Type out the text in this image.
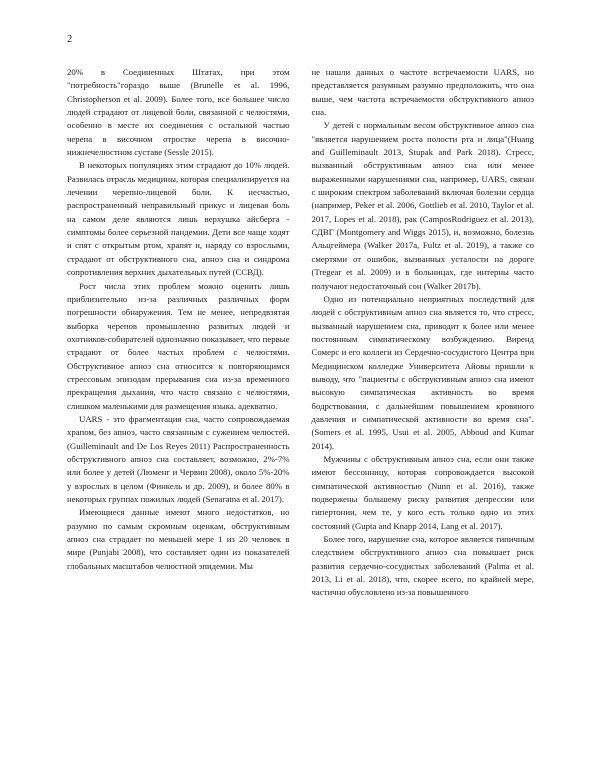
2

20% в Соединенных Штатах, при этом "потребность"гораздо выше (Brunelle et al. 1996, Christopherson et al. 2009). Более того, все большее число людей страдают от лицевой боли, связанной с челюстями, особенно в месте их соединения с остальной частью черепа в височном отростке черепа в височно-нижнечелюстном суставе (Sessle 2015).

В некоторых популяциях этим страдают до 10% людей. Развилась отрасль медицины, которая специализируется на лечении черепно-лицевой боли. К несчастью, распространенный неправильный прикус и лицевая боль на самом деле являются лишь верхушка айсберга - симптомы более серьезной пандемии. Дети все чаще ходят и спят с открытым ртом, храпят и, наряду со взрослыми, страдают от обструктивного сна, апноэ сна и синдрома сопротивления верхних дыхательных путей (ССВД).

Рост числа этих проблем можно оценить лишь приблизительно из-за различных различных форм погрешности обнаружения. Тем не менее, непредвзятая выборка черепов промышленно развитых людей и охотников-собирателей однозначно показывает, что первые страдают от более частых проблем с челюстями. Обструктивное апноэ сна относится к повторяющимся стрессовым эпизодам прерывания сна из-за временного прекращения дыхания, что часто связано с челюстями, слишком маленькими для размещения языка. адекватно.

UARS - это фрагментация сна, часто сопровождаемая храпом, без апноэ, часто связанным с сужением челюстей. (Guilleminault and De Los Reyes 2011) Распространенность обструктивного апноэ сна составляет, возможно, 2%-7% или более у детей (Люменг и Червин 2008), около 5%-20% у взрослых в целом (Финкель и др. 2009), и более 80% в некоторых группах пожилых людей (Senaratna et al. 2017).

Имеющиеся данные имеют много недостатков, но разумно по самым скромным оценкам, обструктивным апноэ сна страдает по меньшей мере 1 из 20 человек в мире (Punjabi 2008), что составляет один из показателей глобальных масштабов челюстной эпидемии. Мы

не нашли данных о частоте встречаемости UARS, но представляется разумным разумно предположить, что она выше, чем частота встречаемости обструктивного апноэ сна.

У детей с нормальным весом обструктивное апноэ сна "является нарушением роста полости рта и лица"(Huang and Guilleminault 2013, Stupak and Park 2018). Стресс, вызванный обструктивным апноэ сна или менее выраженными нарушениями сна, например, UARS, связан с широким спектром заболеваний включая болезни сердца (например, Peker et al. 2006, Gottlieb et al. 2010, Taylor et al. 2017, Lopes et al. 2018), рак (CamposRodriguez et al. 2013), СДВГ (Montgomery and Wiggs 2015), и, возможно, болезнь Альцгеймера (Walker 2017a, Fultz et al. 2019), а также со смертями от ошибок, вызванных усталости на дороге (Tregear et al. 2009) и в больницах, где интерны часто получают недостаточный сон (Walker 2017b).

Одно из потенциально неприятных последствий для людей с обструктивным апноэ сна является то, что стресс, вызванный нарушением сна, приводит к более или менее постоянным симпатическому возбуждению. Виренд Сомерс и его коллеги из Сердечно-сосудистого Центра при Медицинском колледже Университета Айовы пришли к выводу, что "пациенты с обструктивным апноэ сна имеют высокую симпатическая активность во время бодрствования, с дальнейшим повышением кровяного давления и симпатической активности во время сна". (Somers et al. 1995, Usui et al. 2005, Abboud and Kumar 2014).

Мужчины с обструктивным апноэ сна, если они также имеют бессонницу, которая сопровождается высокой симпатической активностью (Nunn et al. 2016), также подвержены большему риску развития депрессии или гипертонии, чем те, у кого есть только одно из этих состояний (Gupta and Knapp 2014, Lang et al. 2017).

Более того, нарушение сна, которое является типичным следствием обструктивного апноэ сна повышает риск развития сердечно-сосудистых заболеваний (Palma et al. 2013, Li et al. 2018), что, скорее всего, по крайней мере, частично обусловлено из-за повышенного
